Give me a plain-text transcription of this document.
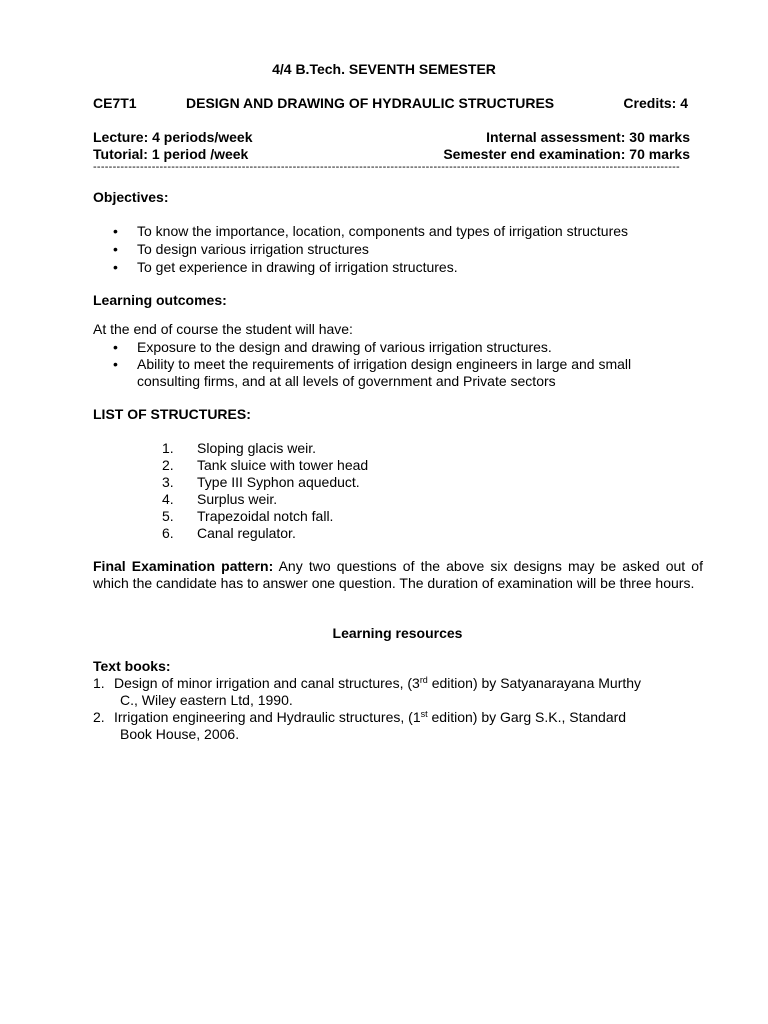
4/4 B.Tech. SEVENTH SEMESTER
CE7T1	DESIGN AND DRAWING OF HYDRAULIC STRUCTURES	Credits: 4
Lecture: 4 periods/week	Internal assessment: 30 marks
Tutorial: 1 period /week	Semester end examination: 70 marks
------------------------------------------------------------------------------------------------------------------------------------------------------
Objectives:
• To know the importance, location, components and types of irrigation structures
• To design various irrigation structures
• To get experience in drawing of irrigation structures.
Learning outcomes:
At the end of course the student will have:
• Exposure to the design and drawing of various irrigation structures.
• Ability to meet the requirements of irrigation design engineers in large and small
consulting firms, and at all levels of government and Private sectors
LIST OF STRUCTURES:
1. Sloping glacis weir.
2. Tank sluice with tower head
3. Type III Syphon aqueduct.
4. Surplus weir.
5. Trapezoidal notch fall.
6. Canal regulator.
Final Examination pattern: Any two questions of the above six designs may be asked out of which the candidate has to answer one question. The duration of examination will be three hours.
Learning resources
Text books:
1. Design of minor irrigation and canal structures, (3rd edition) by Satyanarayana Murthy
C., Wiley eastern Ltd, 1990.
2. Irrigation engineering and Hydraulic structures, (1st edition) by Garg S.K., Standard
Book House, 2006.
